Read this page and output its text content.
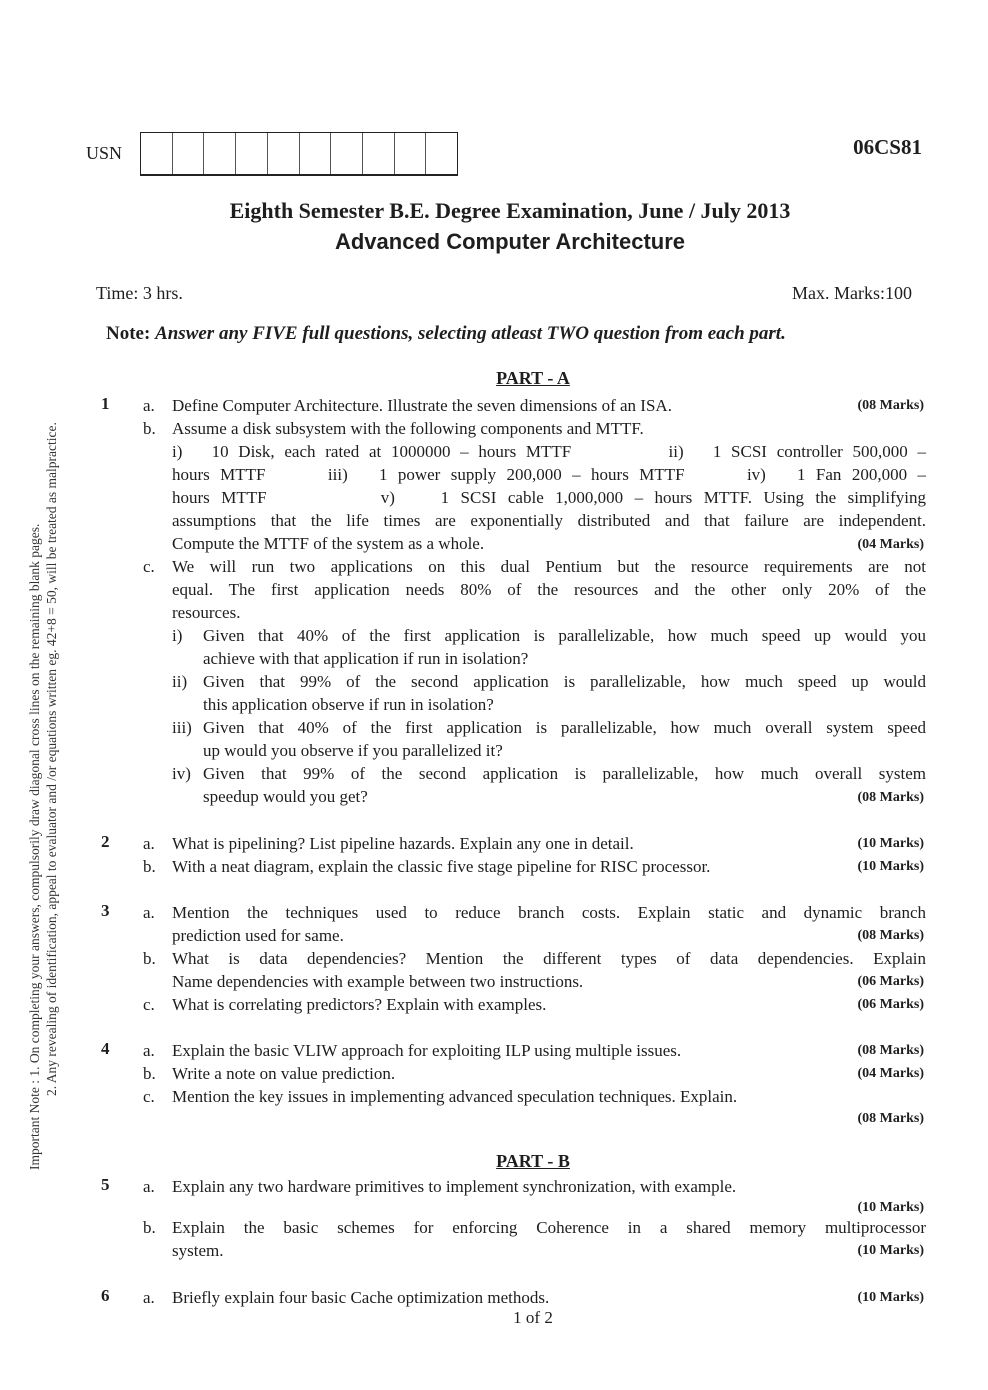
Important Note : 1. On completing your answers, compulsorily draw diagonal cross lines on the remaining blank pages. 2. Any revealing of identification, appeal to evaluator and /or equations written eg. 42+8 = 50, will be treated as malpractice.
USN	06CS81
Eighth Semester B.E. Degree Examination, June / July 2013
Advanced Computer Architecture
Time: 3 hrs.	Max. Marks:100
Note: Answer any FIVE full questions, selecting atleast TWO question from each part.
PART - A
1 a. Define Computer Architecture. Illustrate the seven dimensions of an ISA.	(08 Marks)
b. Assume a disk subsystem with the following components and MTTF.
i)   10 Disk, each rated at 1000000 – hours MTTF          ii)   1 SCSI controller 500,000 –
hours MTTF      iii)   1 power supply 200,000 – hours MTTF      iv)   1 Fan 200,000 –
hours MTTF          v)    1 SCSI cable 1,000,000 – hours MTTF. Using the simplifying
assumptions that the life times are exponentially distributed and that failure are independent.
Compute the MTTF of the system as a whole.	(04 Marks)
c. We will run two applications on this dual Pentium but the resource requirements are not
equal. The first application needs 80% of the resources and the other only 20% of the
resources.
i)	Given that 40% of the first application is parallelizable, how much speed up would you
achieve with that application if run in isolation?
ii) Given that 99% of the second application is parallelizable, how much speed up would
this application observe if run in isolation?
iii) Given that 40% of the first application is parallelizable, how much overall system speed
up would you observe if you parallelized it?
iv) Given that 99% of the second application is parallelizable, how much overall system
speedup would you get?	(08 Marks)
2 a. What is pipelining? List pipeline hazards. Explain any one in detail.	(10 Marks)
b. With a neat diagram, explain the classic five stage pipeline for RISC processor.	(10 Marks)
3 a. Mention the techniques used to reduce branch costs. Explain static and dynamic branch
prediction used for same.	(08 Marks)
b. What is data dependencies? Mention the different types of data dependencies. Explain
Name dependencies with example between two instructions.	(06 Marks)
c. What is correlating predictors? Explain with examples.	(06 Marks)
4 a. Explain the basic VLIW approach for exploiting ILP using multiple issues.	(08 Marks)
b. Write a note on value prediction.	(04 Marks)
c. Mention the key issues in implementing advanced speculation techniques. Explain.
(08 Marks)
PART - B
5 a. Explain any two hardware primitives to implement synchronization, with example.
(10 Marks)
b. Explain the basic schemes for enforcing Coherence in a shared memory multiprocessor
system.	(10 Marks)
6 a. Briefly explain four basic Cache optimization methods.	(10 Marks)
1 of 2
